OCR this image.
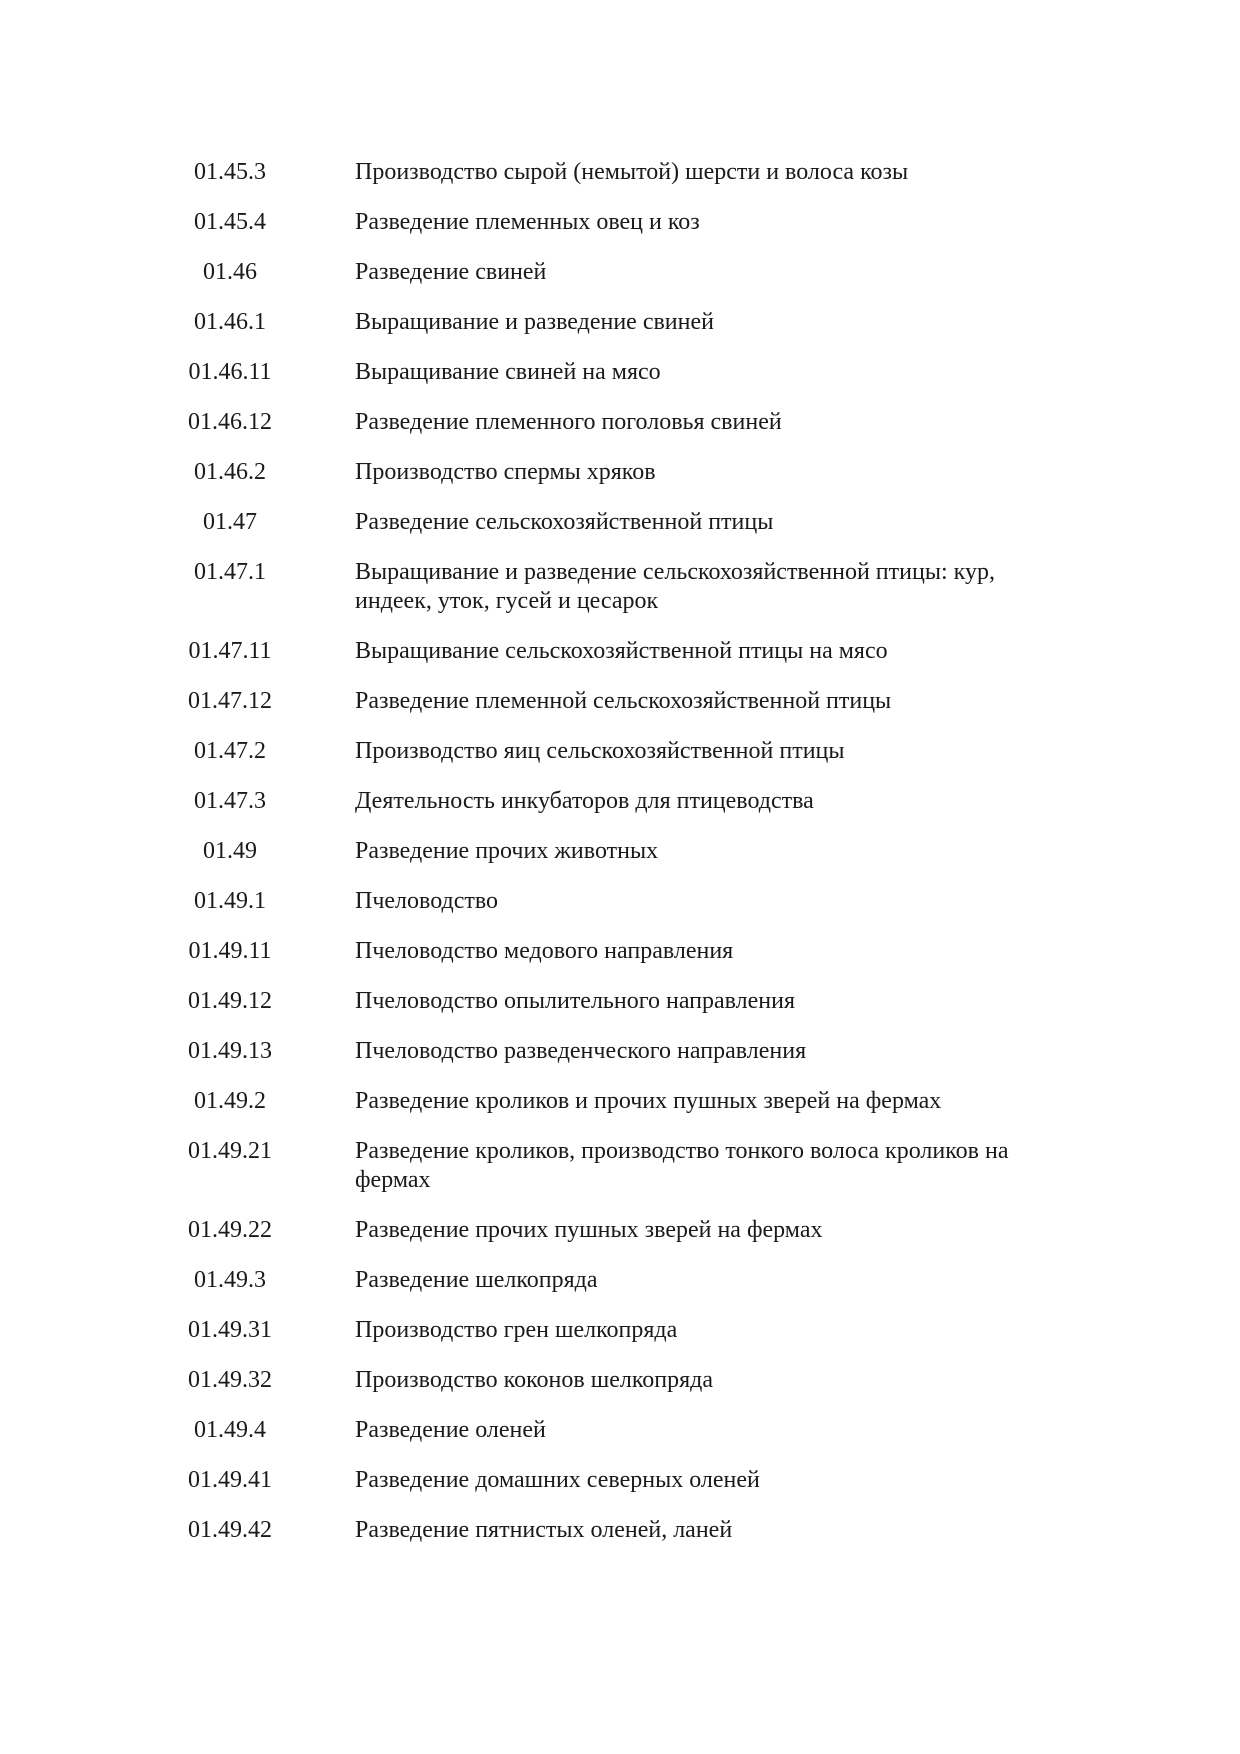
01.45.3	Производство сырой (немытой) шерсти и волоса козы
01.45.4	Разведение племенных овец и коз
01.46	Разведение свиней
01.46.1	Выращивание и разведение свиней
01.46.11	Выращивание свиней на мясо
01.46.12	Разведение племенного поголовья свиней
01.46.2	Производство спермы хряков
01.47	Разведение сельскохозяйственной птицы
01.47.1	Выращивание и разведение сельскохозяйственной птицы: кур, индеек, уток, гусей и цесарок
01.47.11	Выращивание сельскохозяйственной птицы на мясо
01.47.12	Разведение племенной сельскохозяйственной птицы
01.47.2	Производство яиц сельскохозяйственной птицы
01.47.3	Деятельность инкубаторов для птицеводства
01.49	Разведение прочих животных
01.49.1	Пчеловодство
01.49.11	Пчеловодство медового направления
01.49.12	Пчеловодство опылительного направления
01.49.13	Пчеловодство разведенческого направления
01.49.2	Разведение кроликов и прочих пушных зверей на фермах
01.49.21	Разведение кроликов, производство тонкого волоса кроликов на фермах
01.49.22	Разведение прочих пушных зверей на фермах
01.49.3	Разведение шелкопряда
01.49.31	Производство грен шелкопряда
01.49.32	Производство коконов шелкопряда
01.49.4	Разведение оленей
01.49.41	Разведение домашних северных оленей
01.49.42	Разведение пятнистых оленей, ланей
